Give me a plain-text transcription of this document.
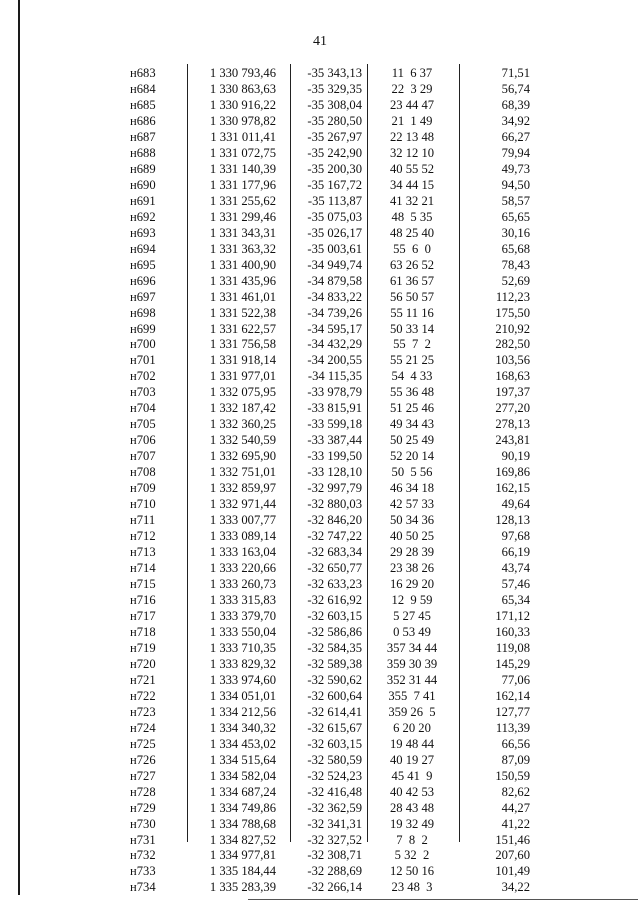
41
н683	1 330 793,46	-35 343,13	11  6 37	71,51
н684	1 330 863,63	-35 329,35	22  3 29	56,74
н685	1 330 916,22	-35 308,04	23 44 47	68,39
н686	1 330 978,82	-35 280,50	21  1 49	34,92
н687	1 331 011,41	-35 267,97	22 13 48	66,27
н688	1 331 072,75	-35 242,90	32 12 10	79,94
н689	1 331 140,39	-35 200,30	40 55 52	49,73
н690	1 331 177,96	-35 167,72	34 44 15	94,50
н691	1 331 255,62	-35 113,87	41 32 21	58,57
н692	1 331 299,46	-35 075,03	48  5 35	65,65
н693	1 331 343,31	-35 026,17	48 25 40	30,16
н694	1 331 363,32	-35 003,61	55  6  0	65,68
н695	1 331 400,90	-34 949,74	63 26 52	78,43
н696	1 331 435,96	-34 879,58	61 36 57	52,69
н697	1 331 461,01	-34 833,22	56 50 57	112,23
н698	1 331 522,38	-34 739,26	55 11 16	175,50
н699	1 331 622,57	-34 595,17	50 33 14	210,92
н700	1 331 756,58	-34 432,29	55  7  2	282,50
н701	1 331 918,14	-34 200,55	55 21 25	103,56
н702	1 331 977,01	-34 115,35	54  4 33	168,63
н703	1 332 075,95	-33 978,79	55 36 48	197,37
н704	1 332 187,42	-33 815,91	51 25 46	277,20
н705	1 332 360,25	-33 599,18	49 34 43	278,13
н706	1 332 540,59	-33 387,44	50 25 49	243,81
н707	1 332 695,90	-33 199,50	52 20 14	90,19
н708	1 332 751,01	-33 128,10	50  5 56	169,86
н709	1 332 859,97	-32 997,79	46 34 18	162,15
н710	1 332 971,44	-32 880,03	42 57 33	49,64
н711	1 333 007,77	-32 846,20	50 34 36	128,13
н712	1 333 089,14	-32 747,22	40 50 25	97,68
н713	1 333 163,04	-32 683,34	29 28 39	66,19
н714	1 333 220,66	-32 650,77	23 38 26	43,74
н715	1 333 260,73	-32 633,23	16 29 20	57,46
н716	1 333 315,83	-32 616,92	12  9 59	65,34
н717	1 333 379,70	-32 603,15	5 27 45	171,12
н718	1 333 550,04	-32 586,86	0 53 49	160,33
н719	1 333 710,35	-32 584,35	357 34 44	119,08
н720	1 333 829,32	-32 589,38	359 30 39	145,29
н721	1 333 974,60	-32 590,62	352 31 44	77,06
н722	1 334 051,01	-32 600,64	355  7 41	162,14
н723	1 334 212,56	-32 614,41	359 26  5	127,77
н724	1 334 340,32	-32 615,67	6 20 20	113,39
н725	1 334 453,02	-32 603,15	19 48 44	66,56
н726	1 334 515,64	-32 580,59	40 19 27	87,09
н727	1 334 582,04	-32 524,23	45 41  9	150,59
н728	1 334 687,24	-32 416,48	40 42 53	82,62
н729	1 334 749,86	-32 362,59	28 43 48	44,27
н730	1 334 788,68	-32 341,31	19 32 49	41,22
н731	1 334 827,52	-32 327,52	7  8  2	151,46
н732	1 334 977,81	-32 308,71	5 32  2	207,60
н733	1 335 184,44	-32 288,69	12 50 16	101,49
н734	1 335 283,39	-32 266,14	23 48  3	34,22
